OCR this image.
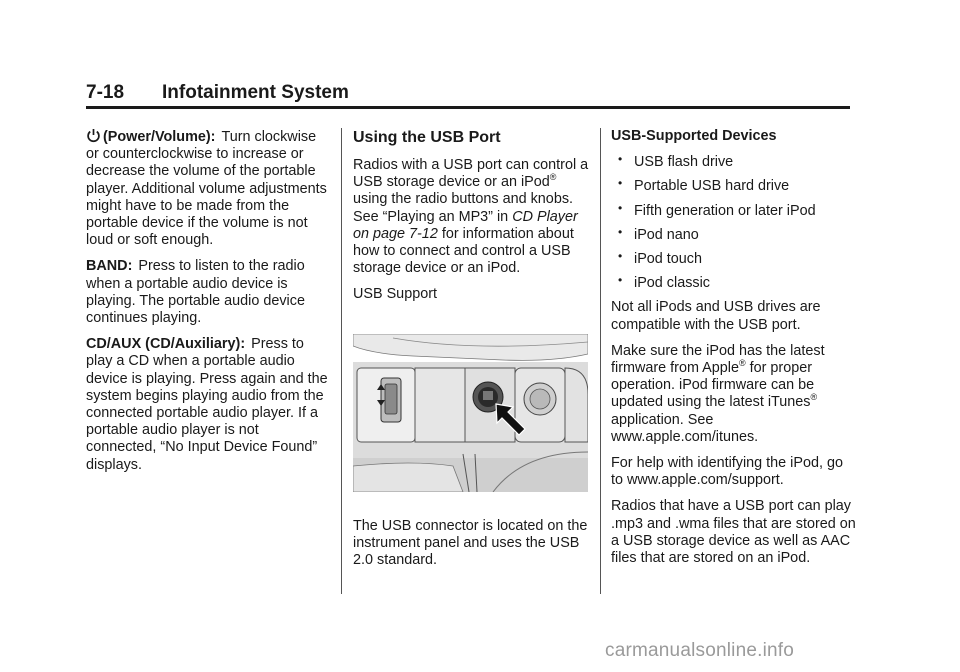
7-18 Infotainment System

(Power/Volume): Turn clockwise or counterclockwise to increase or decrease the volume of the portable player. Additional volume adjustments might have to be made from the portable device if the volume is not loud or soft enough.

BAND: Press to listen to the radio when a portable audio device is playing. The portable audio device continues playing.

CD/AUX (CD/Auxiliary): Press to play a CD when a portable audio device is playing. Press again and the system begins playing audio from the connected portable audio player. If a portable audio player is not connected, “No Input Device Found” displays.

Using the USB Port

Radios with a USB port can control a USB storage device or an iPod® using the radio buttons and knobs. See “Playing an MP3” in CD Player on page 7-12 for information about how to connect and control a USB storage device or an iPod.

USB Support

The USB connector is located on the instrument panel and uses the USB 2.0 standard.

USB-Supported Devices

• USB flash drive
• Portable USB hard drive
• Fifth generation or later iPod
• iPod nano
• iPod touch
• iPod classic

Not all iPods and USB drives are compatible with the USB port.

Make sure the iPod has the latest firmware from Apple® for proper operation. iPod firmware can be updated using the latest iTunes® application. See www.apple.com/itunes.

For help with identifying the iPod, go to www.apple.com/support.

Radios that have a USB port can play .mp3 and .wma files that are stored on a USB storage device as well as AAC files that are stored on an iPod.

carmanualsonline.info
